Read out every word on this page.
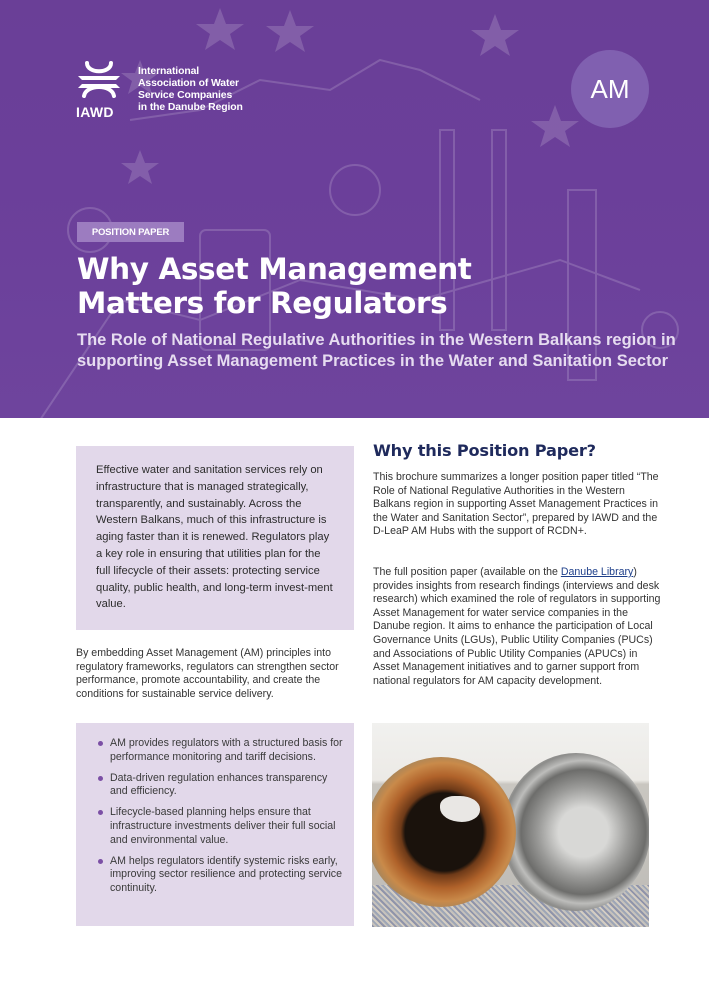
IAWD
International
Association of Water
Service Companies
in the Danube Region
AM
POSITION PAPER
Why Asset Management
Matters for Regulators
The Role of National Regulative Authorities in the Western Balkans region in supporting Asset Management Practices in the Water and Sanitation Sector

Effective water and sanitation services rely on infrastructure that is managed strategically, transparently, and sustainably. Across the Western Balkans, much of this infrastructure is aging faster than it is renewed. Regulators play a key role in ensuring that utilities plan for the full lifecycle of their assets: protecting service quality, public health, and long-term invest-ment value.

By embedding Asset Management (AM) principles into regulatory frameworks, regulators can strengthen sector performance, promote accountability, and create the conditions for sustainable service delivery.

AM provides regulators with a structured basis for performance monitoring and tariff decisions.
Data-driven regulation enhances transparency and efficiency.
Lifecycle-based planning helps ensure that infrastructure investments deliver their full social and environmental value.
AM helps regulators identify systemic risks early, improving sector resilience and protecting service continuity.
Why this Position Paper?

This brochure summarizes a longer position paper titled “The Role of National Regulative Authorities in the Western Balkans region in supporting Asset Management Practices in the Water and Sanitation Sector”, prepared by IAWD and the D-LeaP AM Hubs with the support of RCDN+.

The full position paper (available on the Danube Library) provides insights from research findings (interviews and desk research) which examined the role of regulators in supporting Asset Management for water service companies in the Danube region. It aims to enhance the participation of Local Governance Units (LGUs), Public Utility Companies (PUCs) and Associations of Public Utility Companies (APUCs) in Asset Management initiatives and to garner support from national regulators for AM capacity development.
